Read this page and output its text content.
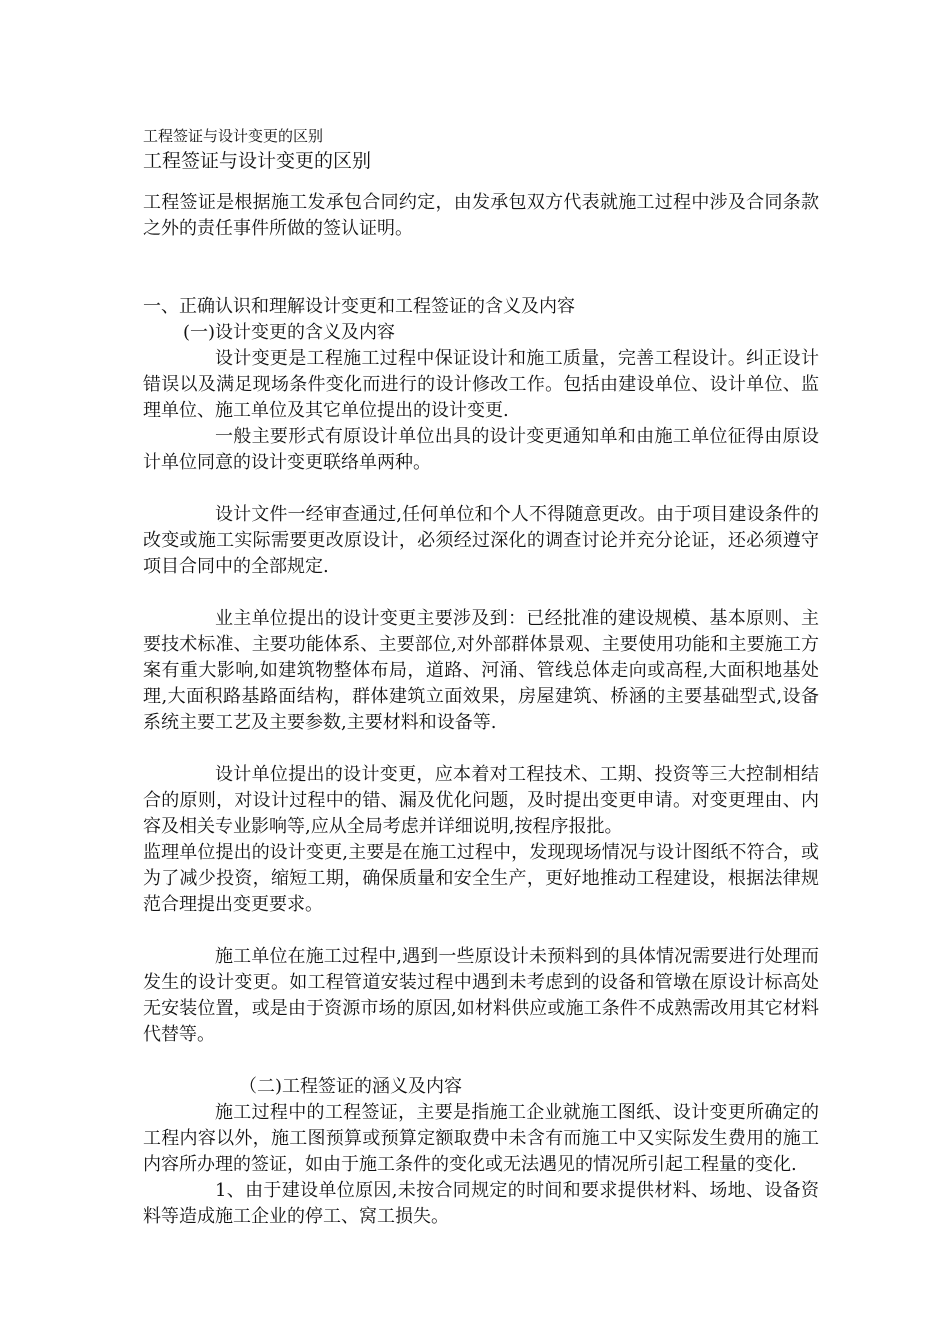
工程签证与设计变更的区别

工程签证与设计变更的区别

工程签证是根据施工发承包合同约定，由发承包双方代表就施工过程中涉及合同条款之外的责任事件所做的签认证明。

一、正确认识和理解设计变更和工程签证的含义及内容

(一)设计变更的含义及内容

设计变更是工程施工过程中保证设计和施工质量，完善工程设计。纠正设计错误以及满足现场条件变化而进行的设计修改工作。包括由建设单位、设计单位、监理单位、施工单位及其它单位提出的设计变更.

一般主要形式有原设计单位出具的设计变更通知单和由施工单位征得由原设计单位同意的设计变更联络单两种。

设计文件一经审查通过,任何单位和个人不得随意更改。由于项目建设条件的改变或施工实际需要更改原设计，必须经过深化的调查讨论并充分论证，还必须遵守项目合同中的全部规定.

业主单位提出的设计变更主要涉及到：已经批准的建设规模、基本原则、主要技术标准、主要功能体系、主要部位,对外部群体景观、主要使用功能和主要施工方案有重大影响,如建筑物整体布局，道路、河涌、管线总体走向或高程,大面积地基处理,大面积路基路面结构，群体建筑立面效果，房屋建筑、桥涵的主要基础型式,设备系统主要工艺及主要参数,主要材料和设备等.

设计单位提出的设计变更，应本着对工程技术、工期、投资等三大控制相结合的原则，对设计过程中的错、漏及优化问题，及时提出变更申请。对变更理由、内容及相关专业影响等,应从全局考虑并详细说明,按程序报批。

监理单位提出的设计变更,主要是在施工过程中，发现现场情况与设计图纸不符合，或为了减少投资，缩短工期，确保质量和安全生产，更好地推动工程建设，根据法律规范合理提出变更要求。

施工单位在施工过程中,遇到一些原设计未预料到的具体情况需要进行处理而发生的设计变更。如工程管道安装过程中遇到未考虑到的设备和管墩在原设计标高处无安装位置，或是由于资源市场的原因,如材料供应或施工条件不成熟需改用其它材料代替等。

（二)工程签证的涵义及内容

施工过程中的工程签证，主要是指施工企业就施工图纸、设计变更所确定的工程内容以外，施工图预算或预算定额取费中未含有而施工中又实际发生费用的施工内容所办理的签证，如由于施工条件的变化或无法遇见的情况所引起工程量的变化.

1、由于建设单位原因,未按合同规定的时间和要求提供材料、场地、设备资料等造成施工企业的停工、窝工损失。
